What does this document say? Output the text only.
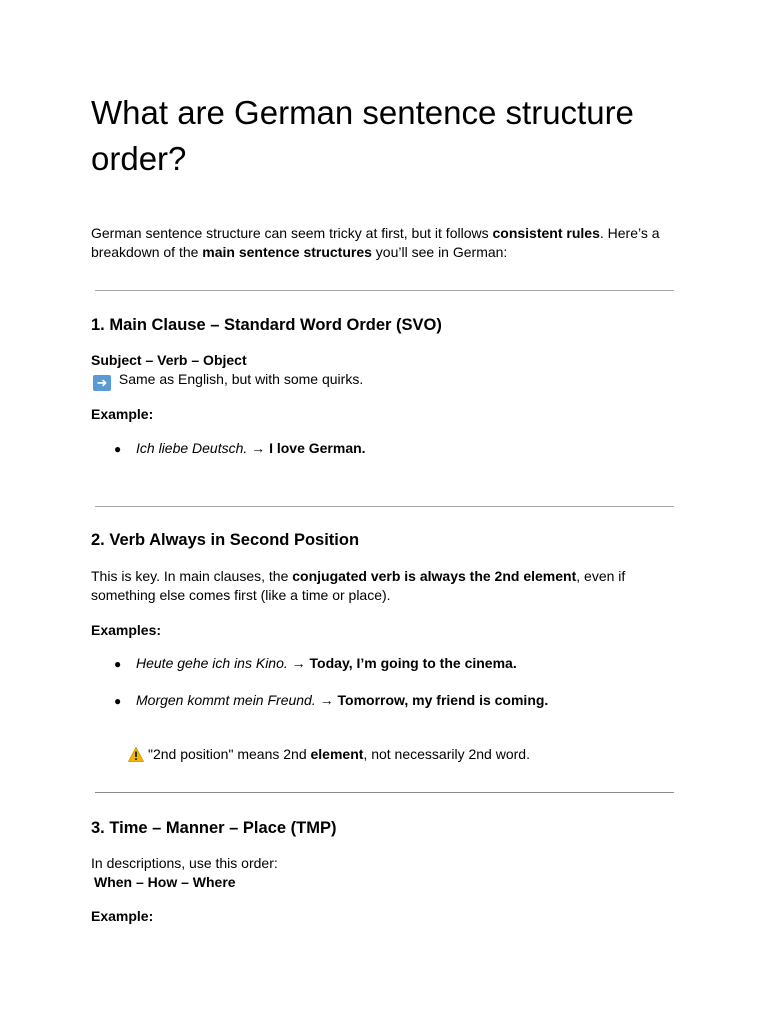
What are German sentence structure order?

German sentence structure can seem tricky at first, but it follows consistent rules. Here’s a breakdown of the main sentence structures you’ll see in German:

1. Main Clause – Standard Word Order (SVO)

Subject – Verb – Object

➜ Same as English, but with some quirks.

Example:

● Ich liebe Deutsch. → I love German.
2. Verb Always in Second Position

This is key. In main clauses, the conjugated verb is always the 2nd element, even if something else comes first (like a time or place).

Examples:

● Heute gehe ich ins Kino. → Today, I’m going to the cinema.
● Morgen kommt mein Freund. → Tomorrow, my friend is coming.

"2nd position" means 2nd element, not necessarily 2nd word.

3. Time – Manner – Place (TMP)

In descriptions, use this order:

When – How – Where

Example:
